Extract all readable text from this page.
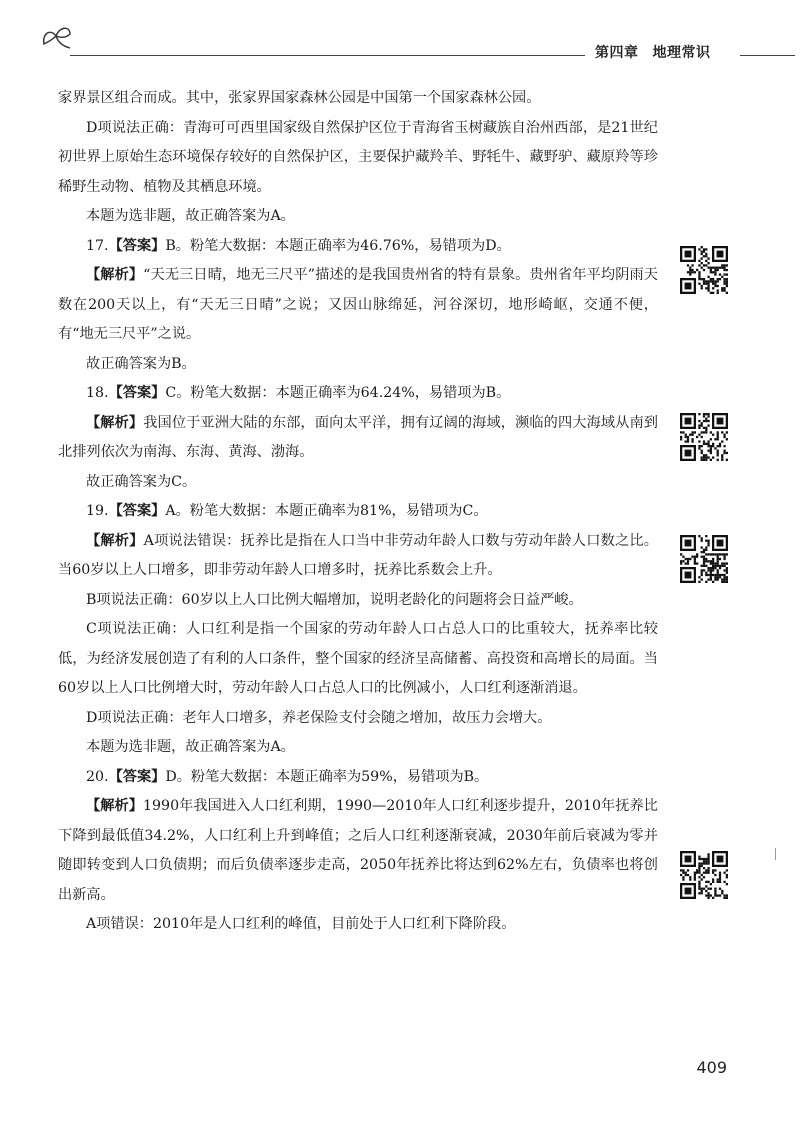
第四章 地理常识

家界景区组合而成。其中，张家界国家森林公园是中国第一个国家森林公园。

D项说法正确：青海可可西里国家级自然保护区位于青海省玉树藏族自治州西部，是21世纪初世界上原始生态环境保存较好的自然保护区，主要保护藏羚羊、野牦牛、藏野驴、藏原羚等珍稀野生动物、植物及其栖息环境。

本题为选非题，故正确答案为A。

17.【答案】B。粉笔大数据：本题正确率为46.76%，易错项为D。

【解析】“天无三日晴，地无三尺平”描述的是我国贵州省的特有景象。贵州省年平均阴雨天数在200天以上，有“天无三日晴”之说；又因山脉绵延，河谷深切，地形崎岖，交通不便，有“地无三尺平”之说。

故正确答案为B。

18.【答案】C。粉笔大数据：本题正确率为64.24%，易错项为B。

【解析】我国位于亚洲大陆的东部，面向太平洋，拥有辽阔的海域，濒临的四大海域从南到北排列依次为南海、东海、黄海、渤海。

故正确答案为C。

19.【答案】A。粉笔大数据：本题正确率为81%，易错项为C。

【解析】A项说法错误：抚养比是指在人口当中非劳动年龄人口数与劳动年龄人口数之比。当60岁以上人口增多，即非劳动年龄人口增多时，抚养比系数会上升。

B项说法正确：60岁以上人口比例大幅增加，说明老龄化的问题将会日益严峻。

C项说法正确：人口红利是指一个国家的劳动年龄人口占总人口的比重较大，抚养率比较低，为经济发展创造了有利的人口条件，整个国家的经济呈高储蓄、高投资和高增长的局面。当60岁以上人口比例增大时，劳动年龄人口占总人口的比例减小，人口红利逐渐消退。

D项说法正确：老年人口增多，养老保险支付会随之增加，故压力会增大。

本题为选非题，故正确答案为A。

20.【答案】D。粉笔大数据：本题正确率为59%，易错项为B。

【解析】1990年我国进入人口红利期，1990—2010年人口红利逐步提升，2010年抚养比下降到最低值34.2%，人口红利上升到峰值；之后人口红利逐渐衰减，2030年前后衰减为零并随即转变到人口负债期；而后负债率逐步走高，2050年抚养比将达到62%左右，负债率也将创出新高。

A项错误：2010年是人口红利的峰值，目前处于人口红利下降阶段。

409
